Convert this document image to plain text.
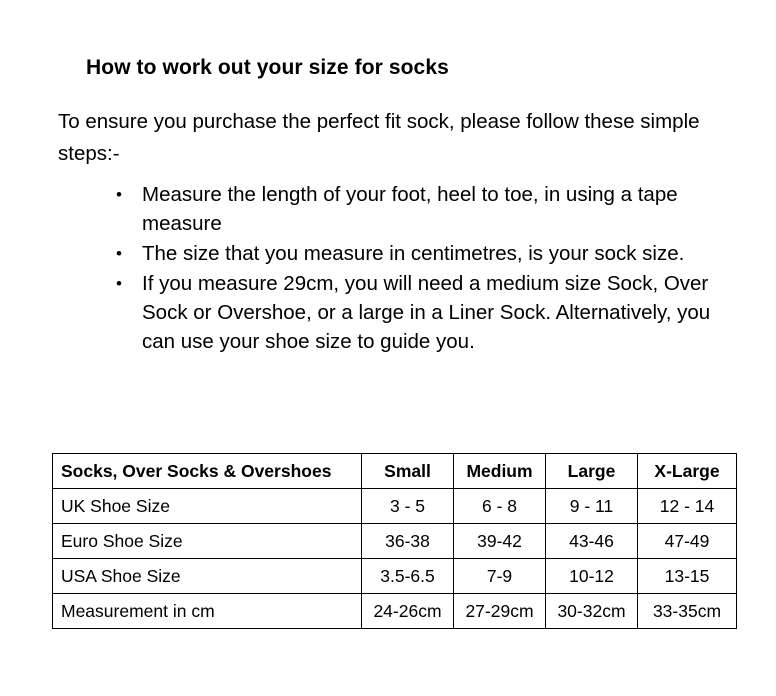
How to work out your size for socks
To ensure you purchase the perfect fit sock, please follow these simple steps:-
• Measure the length of your foot, heel to toe, in using a tape measure
• The size that you measure in centimetres, is your sock size.
• If you measure 29cm, you will need a medium size Sock, Over Sock or Overshoe, or a large in a Liner Sock. Alternatively, you can use your shoe size to guide you.
Socks, Over Socks & Overshoes	Small	Medium	Large	X-Large
UK Shoe Size	3 - 5	6 - 8	9 - 11	12 - 14
Euro Shoe Size	36-38	39-42	43-46	47-49
USA Shoe Size	3.5-6.5	7-9	10-12	13-15
Measurement in cm	24-26cm	27-29cm	30-32cm	33-35cm
